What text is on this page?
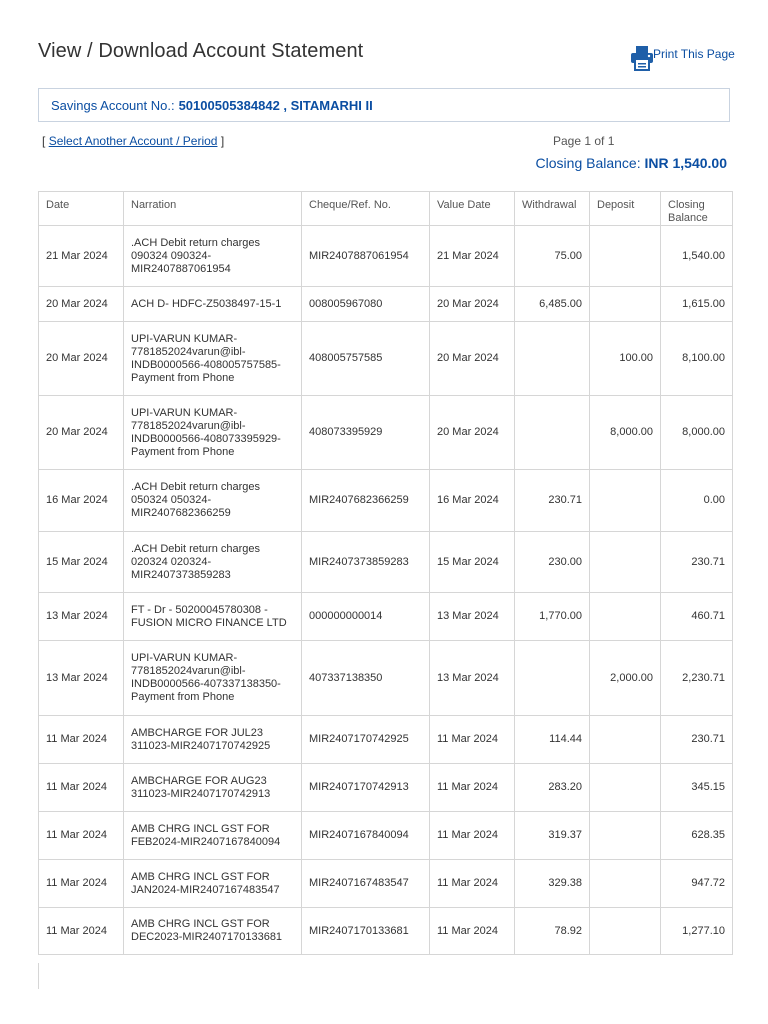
View / Download Account Statement	Print This Page
Savings Account No.: 50100505384842 , SITAMARHI II
[ Select Another Account / Period ]	Page 1 of 1
Closing Balance: INR 1,540.00
Date	Narration	Cheque/Ref. No.	Value Date	Withdrawal	Deposit	Closing Balance
21 Mar 2024	.ACH Debit return charges 090324 090324-MIR2407887061954	MIR2407887061954	21 Mar 2024	75.00		1,540.00
20 Mar 2024	ACH D- HDFC-Z5038497-15-1	008005967080	20 Mar 2024	6,485.00		1,615.00
20 Mar 2024	UPI-VARUN KUMAR-7781852024varun@ibl-INDB0000566-408005757585-Payment from Phone	408005757585	20 Mar 2024		100.00	8,100.00
20 Mar 2024	UPI-VARUN KUMAR-7781852024varun@ibl-INDB0000566-408073395929-Payment from Phone	408073395929	20 Mar 2024		8,000.00	8,000.00
16 Mar 2024	.ACH Debit return charges 050324 050324-MIR2407682366259	MIR2407682366259	16 Mar 2024	230.71		0.00
15 Mar 2024	.ACH Debit return charges 020324 020324-MIR2407373859283	MIR2407373859283	15 Mar 2024	230.00		230.71
13 Mar 2024	FT - Dr - 50200045780308 - FUSION MICRO FINANCE LTD	000000000014	13 Mar 2024	1,770.00		460.71
13 Mar 2024	UPI-VARUN KUMAR-7781852024varun@ibl-INDB0000566-407337138350-Payment from Phone	407337138350	13 Mar 2024		2,000.00	2,230.71
11 Mar 2024	AMBCHARGE FOR JUL23 311023-MIR2407170742925	MIR2407170742925	11 Mar 2024	114.44		230.71
11 Mar 2024	AMBCHARGE FOR AUG23 311023-MIR2407170742913	MIR2407170742913	11 Mar 2024	283.20		345.15
11 Mar 2024	AMB CHRG INCL GST FOR FEB2024-MIR2407167840094	MIR2407167840094	11 Mar 2024	319.37		628.35
11 Mar 2024	AMB CHRG INCL GST FOR JAN2024-MIR2407167483547	MIR2407167483547	11 Mar 2024	329.38		947.72
11 Mar 2024	AMB CHRG INCL GST FOR DEC2023-MIR2407170133681	MIR2407170133681	11 Mar 2024	78.92		1,277.10
